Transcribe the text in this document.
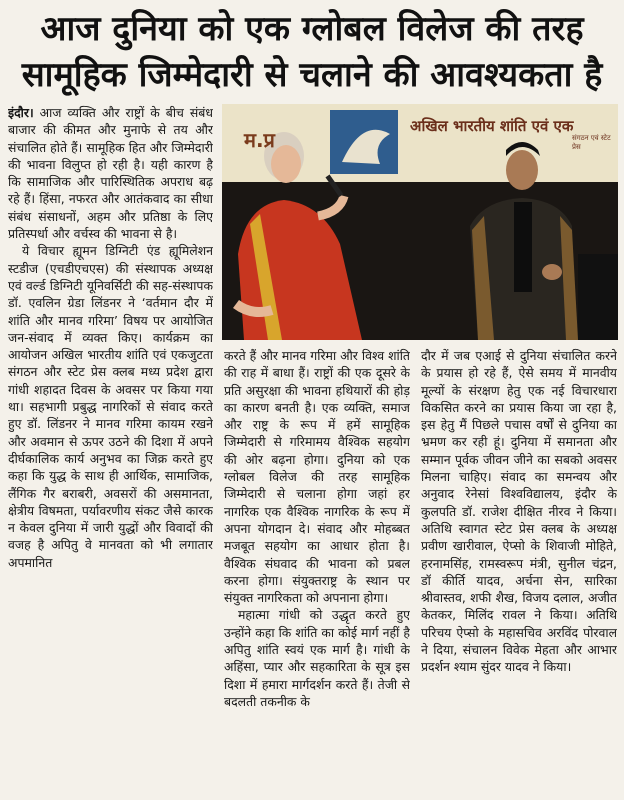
आज दुनिया को एक ग्लोबल विलेज की तरह
सामूहिक जिम्मेदारी से चलाने की आवश्यकता है

इंदौर। आज व्यक्ति और राष्ट्रों के बीच संबंध बाजार की कीमत और मुनाफे से तय और संचालित होते हैं। सामूहिक हित और जिम्मेदारी की भावना विलुप्त हो रही है। यही कारण है कि सामाजिक और पारिस्थितिक अपराध बढ़ रहे हैं। हिंसा, नफरत और आतंकवाद का सीधा संबंध संसाधनों, अहम और प्रतिष्ठा के लिए प्रतिस्पर्धा और वर्चस्व की भावना से है।

ये विचार ह्यूमन डिग्निटी एंड ह्यूमिलेशन स्टडीज (एचडीएचएस) की संस्थापक अध्यक्ष एवं वर्ल्ड डिग्निटी यूनिवर्सिटी की सह-संस्थापक डॉ. एवलिन ग्रेडा लिंडनर ने ‘वर्तमान दौर में शांति और मानव गरिमा’ विषय पर आयोजित जन-संवाद में व्यक्त किए। कार्यक्रम का आयोजन अखिल भारतीय शांति एवं एकजुटता संगठन और स्टेट प्रेस क्लब मध्य प्रदेश द्वारा गांधी शहादत दिवस के अवसर पर किया गया था। सहभागी प्रबुद्ध नागरिकों से संवाद करते हुए डॉ. लिंडनर ने मानव गरिमा कायम रखने और अवमान से ऊपर उठने की दिशा में अपने दीर्घकालिक कार्य अनुभव का जिक्र करते हुए कहा कि युद्ध के साथ ही आर्थिक, सामाजिक, लैंगिक गैर बराबरी, अवसरों की असमानता, क्षेत्रीय विषमता, पर्यावरणीय संकट जैसे कारक न केवल दुनिया में जारी युद्धों और विवादों की वजह है अपितु वे मानवता को भी लगातार अपमानित

म.प्र
अखिल भारतीय शांति एवं एक
संगठन एवं स्टेट प्रेस

करते हैं और मानव गरिमा और विश्व शांति की राह में बाधा हैं। राष्ट्रों की एक दूसरे के प्रति असुरक्षा की भावना हथियारों की होड़ का कारण बनती है। एक व्यक्ति, समाज और राष्ट्र के रूप में हमें सामूहिक जिम्मेदारी से गरिमामय वैश्विक सहयोग की ओर बढ़ना होगा। दुनिया को एक ग्लोबल विलेज की तरह सामूहिक जिम्मेदारी से चलाना होगा जहां हर नागरिक एक वैश्विक नागरिक के रूप में अपना योगदान दे। संवाद और मोहब्बत मजबूत सहयोग का आधार होता है। वैश्विक संघवाद की भावना को प्रबल करना होगा। संयुक्तराष्ट्र के स्थान पर संयुक्त नागरिकता को अपनाना होगा।

महात्मा गांधी को उद्धृत करते हुए उन्होंने कहा कि शांति का कोई मार्ग नहीं है अपितु शांति स्वयं एक मार्ग है। गांधी के अहिंसा, प्यार और सहकारिता के सूत्र इस दिशा में हमारा मार्गदर्शन करते हैं। तेजी से बदलती तकनीक के

दौर में जब एआई से दुनिया संचालित करने के प्रयास हो रहे हैं, ऐसे समय में मानवीय मूल्यों के संरक्षण हेतु एक नई विचारधारा विकसित करने का प्रयास किया जा रहा है, इस हेतु मैं पिछले पचास वर्षों से दुनिया का भ्रमण कर रही हूं। दुनिया में समानता और सम्मान पूर्वक जीवन जीने का सबको अवसर मिलना चाहिए। संवाद का समन्वय और अनुवाद रेनेसां विश्वविद्यालय, इंदौर के कुलपति डॉ. राजेश दीक्षित नीरव ने किया। अतिथि स्वागत स्टेट प्रेस क्लब के अध्यक्ष प्रवीण खारीवाल, ऐप्सो के शिवाजी मोहिते, हरनामसिंह, रामस्वरूप मंत्री, सुनील चंद्रन, डॉ कीर्ति यादव, अर्चना सेन, सारिका श्रीवास्तव, शफी शैख, विजय दलाल, अजीत केतकर, मिलिंद रावल ने किया। अतिथि परिचय ऐप्सो के महासचिव अरविंद पोरवाल ने दिया, संचालन विवेक मेहता और आभार प्रदर्शन श्याम सुंदर यादव ने किया।
